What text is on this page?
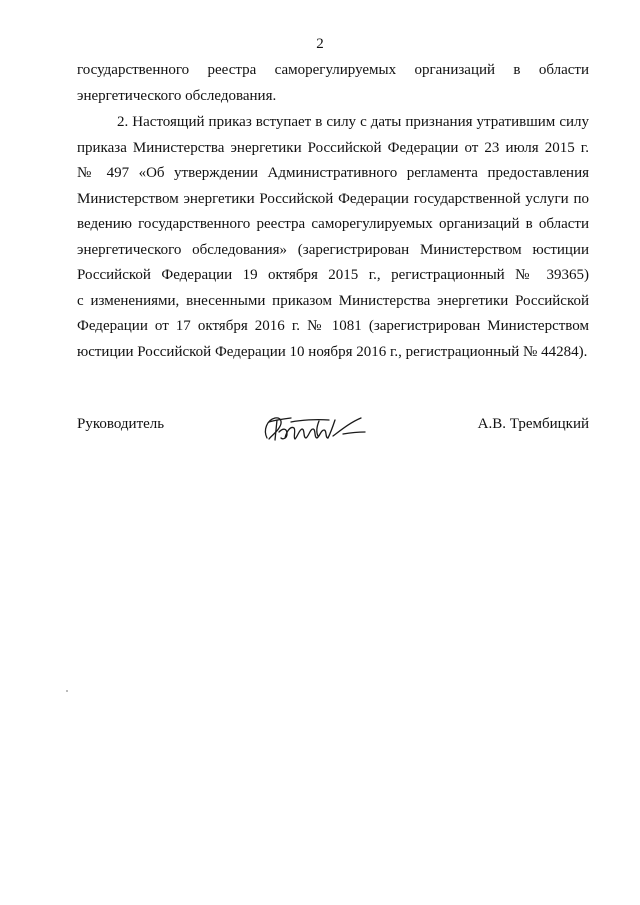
2
государственного реестра саморегулируемых организаций в области
энергетического обследования.
2. Настоящий приказ вступает в силу с даты признания утратившим силу
приказа Министерства энергетики Российской Федерации от 23 июля 2015 г.
№ 497 «Об утверждении Административного регламента предоставления
Министерством энергетики Российской Федерации государственной услуги по
ведению государственного реестра саморегулируемых организаций в области
энергетического обследования» (зарегистрирован Министерством юстиции
Российской Федерации 19 октября 2015 г., регистрационный № 39365)
с изменениями, внесенными приказом Министерства энергетики Российской
Федерации от 17 октября 2016 г. № 1081 (зарегистрирован Министерством
юстиции Российской Федерации 10 ноября 2016 г., регистрационный № 44284).
Руководитель	А.В. Трембицкий
